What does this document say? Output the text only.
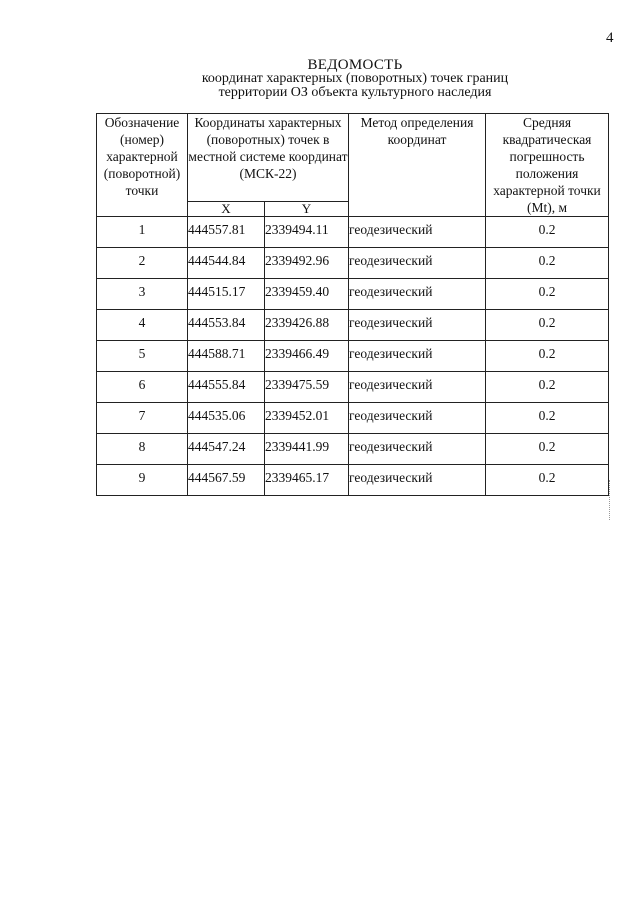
4
ВЕДОМОСТЬ
координат характерных (поворотных) точек границ
территории ОЗ объекта культурного наследия
Обозначение (номер) характерной (поворотной) точки	Координаты характерных (поворотных) точек в местной системе координат (МСК-22)		Метод определения координат	Средняя квадратическая погрешность положения характерной точки (Mt), м
	X	Y		
1	444557.81	2339494.11	геодезический	0.2
2	444544.84	2339492.96	геодезический	0.2
3	444515.17	2339459.40	геодезический	0.2
4	444553.84	2339426.88	геодезический	0.2
5	444588.71	2339466.49	геодезический	0.2
6	444555.84	2339475.59	геодезический	0.2
7	444535.06	2339452.01	геодезический	0.2
8	444547.24	2339441.99	геодезический	0.2
9	444567.59	2339465.17	геодезический	0.2
